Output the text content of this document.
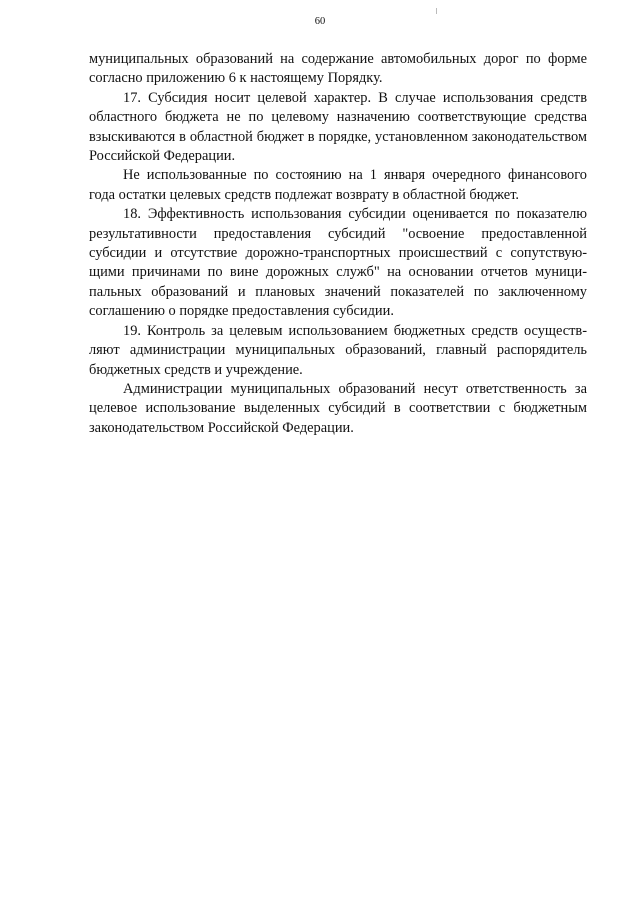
60

муниципальных образований на содержание автомобильных дорог по форме согласно приложению 6 к настоящему Порядку.

17. Субсидия носит целевой характер. В случае использования средств областного бюджета не по целевому назначению соответствующие средства взыскиваются в областной бюджет в порядке, установленном законодательством Российской Федерации.

Не использованные по состоянию на 1 января очередного финансового года остатки целевых средств подлежат возврату в областной бюджет.

18. Эффективность использования субсидии оценивается по показателю результативности предоставления субсидий "освоение предоставленной субсидии и отсутствие дорожно-транспортных происшествий с сопутствующими причинами по вине дорожных служб" на основании отчетов муниципальных образований и плановых значений показателей по заключенному соглашению о порядке предоставления субсидии.

19. Контроль за целевым использованием бюджетных средств осуществляют администрации муниципальных образований, главный распорядитель бюджетных средств и учреждение.

Администрации муниципальных образований несут ответственность за целевое использование выделенных субсидий в соответствии с бюджетным законодательством Российской Федерации.
